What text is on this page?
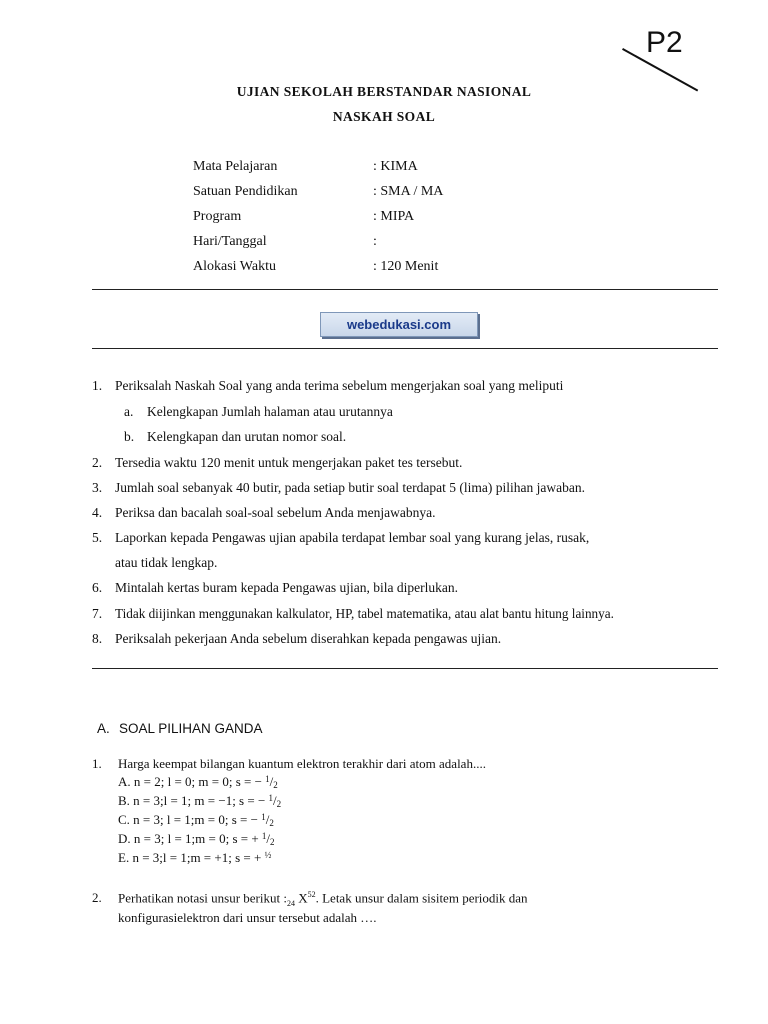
P2
UJIAN SEKOLAH BERSTANDAR NASIONAL
NASKAH SOAL
Mata Pelajaran	: KIMA
Satuan Pendidikan	: SMA / MA
Program	: MIPA
Hari/Tanggal	:
Alokasi Waktu	: 120 Menit
webedukasi.com
1. Periksalah Naskah Soal yang anda terima sebelum mengerjakan soal yang meliputi
a. Kelengkapan Jumlah halaman atau urutannya
b. Kelengkapan dan urutan nomor soal.
2. Tersedia waktu 120 menit untuk mengerjakan paket tes tersebut.
3. Jumlah soal sebanyak 40 butir, pada setiap butir soal terdapat 5 (lima) pilihan jawaban.
4. Periksa dan bacalah soal-soal sebelum Anda menjawabnya.
5. Laporkan kepada Pengawas ujian apabila terdapat lembar soal yang kurang jelas, rusak,
atau tidak lengkap.
6. Mintalah kertas buram kepada Pengawas ujian, bila diperlukan.
7. Tidak diijinkan menggunakan kalkulator, HP, tabel matematika, atau alat bantu hitung lainnya.
8. Periksalah pekerjaan Anda sebelum diserahkan kepada pengawas ujian.
A. SOAL PILIHAN GANDA
1. Harga keempat bilangan kuantum elektron terakhir dari atom adalah....
A. n = 2; l = 0; m = 0; s = − $^1$/2
B. n = 3;l = 1; m = −1; s = − $^1$/2
C. n = 3; l = 1;m = 0; s = − $^1$/2
D. n = 3; l = 1;m = 0; s = + $^1$/2
E. n = 3;l = 1;m = +1; s = + $^{\frac{1}{2}}$
2. Perhatikan notasi unsur berikut $:_{24}$ $X^{52}$. Letak unsur dalam sisitem periodik dan
konfigurasielektron dari unsur tersebut adalah ….
